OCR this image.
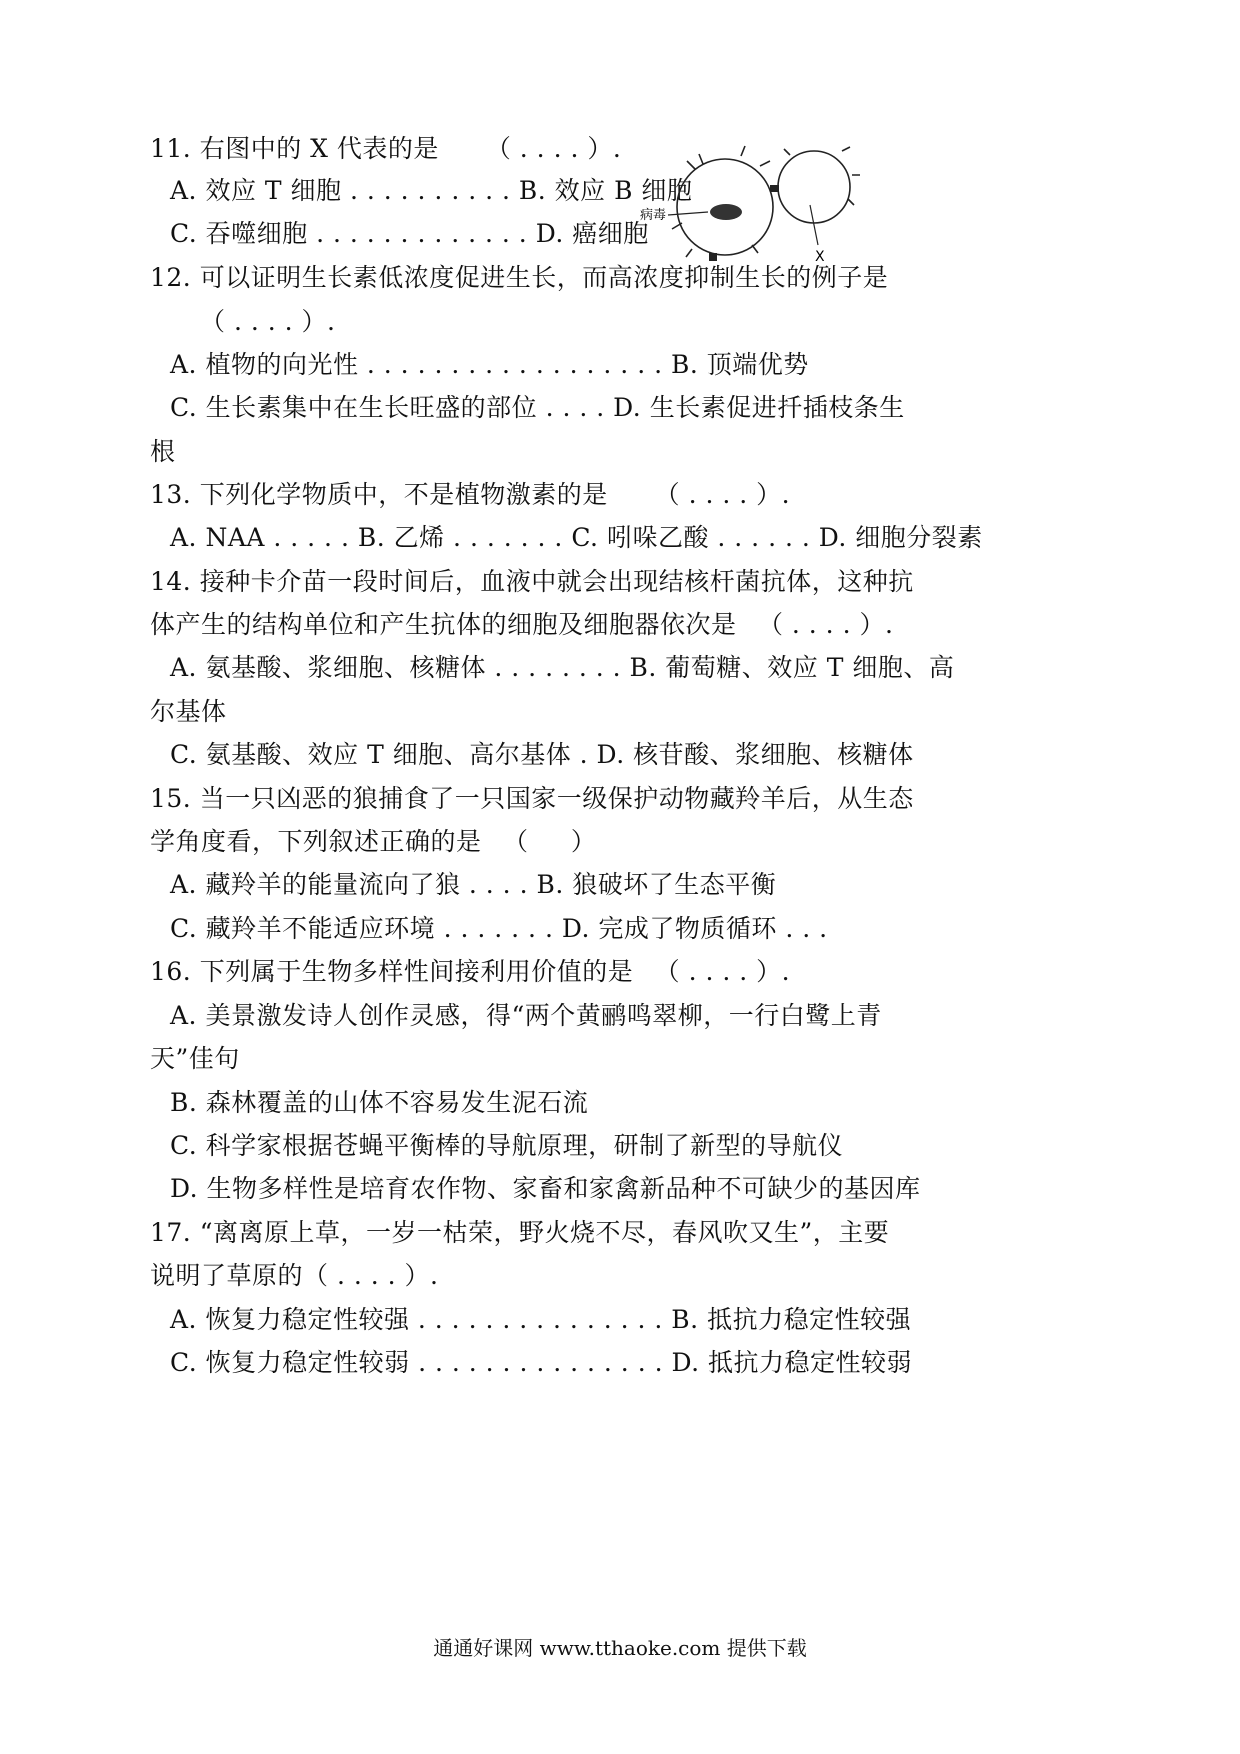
11. 右图中的 X 代表的是 　　（ . . . . ）.
A. 效应 T 细胞 . . . . . . . . . . B. 效应 B 细胞
C. 吞噬细胞 . . . . . . . . . . . . . D. 癌细胞
病毒
X
12. 可以证明生长素低浓度促进生长，而高浓度抑制生长的例子是
（ . . . . ）.
A. 植物的向光性 . . . . . . . . . . . . . . . . . . B. 顶端优势
C. 生长素集中在生长旺盛的部位 . . . . D. 生长素促进扦插枝条生
根
13. 下列化学物质中，不是植物激素的是 　　（ . . . . ）.
A. NAA . . . . . B. 乙烯 . . . . . . . C. 吲哚乙酸 . . . . . . D. 细胞分裂素
14. 接种卡介苗一段时间后，血液中就会出现结核杆菌抗体，这种抗
体产生的结构单位和产生抗体的细胞及细胞器依次是 　（ . . . . ）.
A. 氨基酸、浆细胞、核糖体 . . . . . . . . B. 葡萄糖、效应 T 细胞、高
尔基体
C. 氨基酸、效应 T 细胞、高尔基体 . D. 核苷酸、浆细胞、核糖体
15. 当一只凶恶的狼捕食了一只国家一级保护动物藏羚羊后，从生态
学角度看，下列叙述正确的是 　（ 　 ）
A. 藏羚羊的能量流向了狼 . . . . B. 狼破坏了生态平衡
C. 藏羚羊不能适应环境 . . . . . . . D. 完成了物质循环 . . .
16. 下列属于生物多样性间接利用价值的是 　（ . . . . ）.
A. 美景激发诗人创作灵感，得“两个黄鹂鸣翠柳，一行白鹭上青
天”佳句
B. 森林覆盖的山体不容易发生泥石流
C. 科学家根据苍蝇平衡棒的导航原理，研制了新型的导航仪
D. 生物多样性是培育农作物、家畜和家禽新品种不可缺少的基因库
17. “离离原上草，一岁一枯荣，野火烧不尽，春风吹又生”，主要
说明了草原的（ . . . . ）.
A. 恢复力稳定性较强 . . . . . . . . . . . . . . . B. 抵抗力稳定性较强
C. 恢复力稳定性较弱 . . . . . . . . . . . . . . . D. 抵抗力稳定性较弱
通通好课网 www.tthaoke.com 提供下载
